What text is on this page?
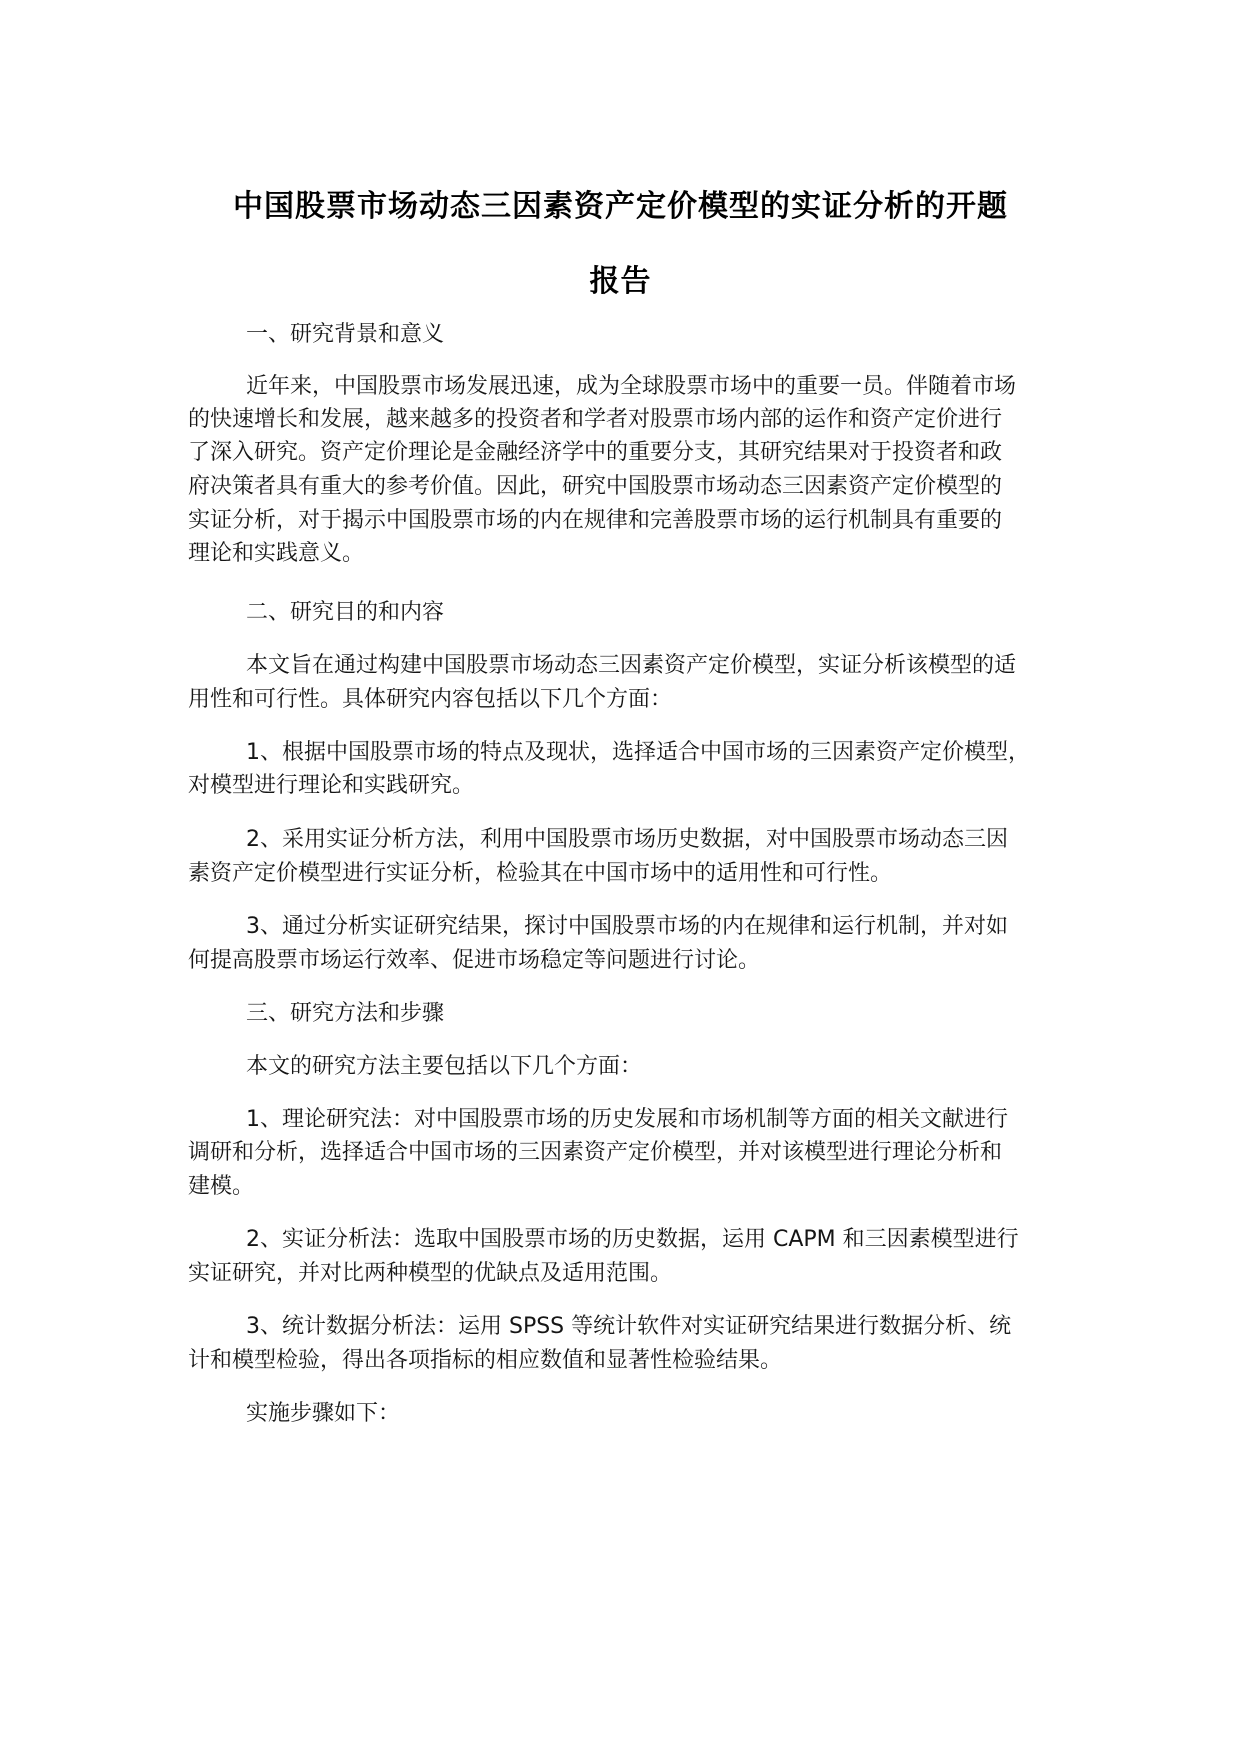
中国股票市场动态三因素资产定价模型的实证分析的开题
报告
一、研究背景和意义
近年来，中国股票市场发展迅速，成为全球股票市场中的重要一员。伴随着市场
的快速增长和发展，越来越多的投资者和学者对股票市场内部的运作和资产定价进行
了深入研究。资产定价理论是金融经济学中的重要分支，其研究结果对于投资者和政
府决策者具有重大的参考价值。因此，研究中国股票市场动态三因素资产定价模型的
实证分析，对于揭示中国股票市场的内在规律和完善股票市场的运行机制具有重要的
理论和实践意义。
二、研究目的和内容
本文旨在通过构建中国股票市场动态三因素资产定价模型，实证分析该模型的适
用性和可行性。具体研究内容包括以下几个方面：
1、根据中国股票市场的特点及现状，选择适合中国市场的三因素资产定价模型，
对模型进行理论和实践研究。
2、采用实证分析方法，利用中国股票市场历史数据，对中国股票市场动态三因
素资产定价模型进行实证分析，检验其在中国市场中的适用性和可行性。
3、通过分析实证研究结果，探讨中国股票市场的内在规律和运行机制，并对如
何提高股票市场运行效率、促进市场稳定等问题进行讨论。
三、研究方法和步骤
本文的研究方法主要包括以下几个方面：
1、理论研究法：对中国股票市场的历史发展和市场机制等方面的相关文献进行
调研和分析，选择适合中国市场的三因素资产定价模型，并对该模型进行理论分析和
建模。
2、实证分析法：选取中国股票市场的历史数据，运用 CAPM 和三因素模型进行
实证研究，并对比两种模型的优缺点及适用范围。
3、统计数据分析法：运用 SPSS 等统计软件对实证研究结果进行数据分析、统
计和模型检验，得出各项指标的相应数值和显著性检验结果。
实施步骤如下：
